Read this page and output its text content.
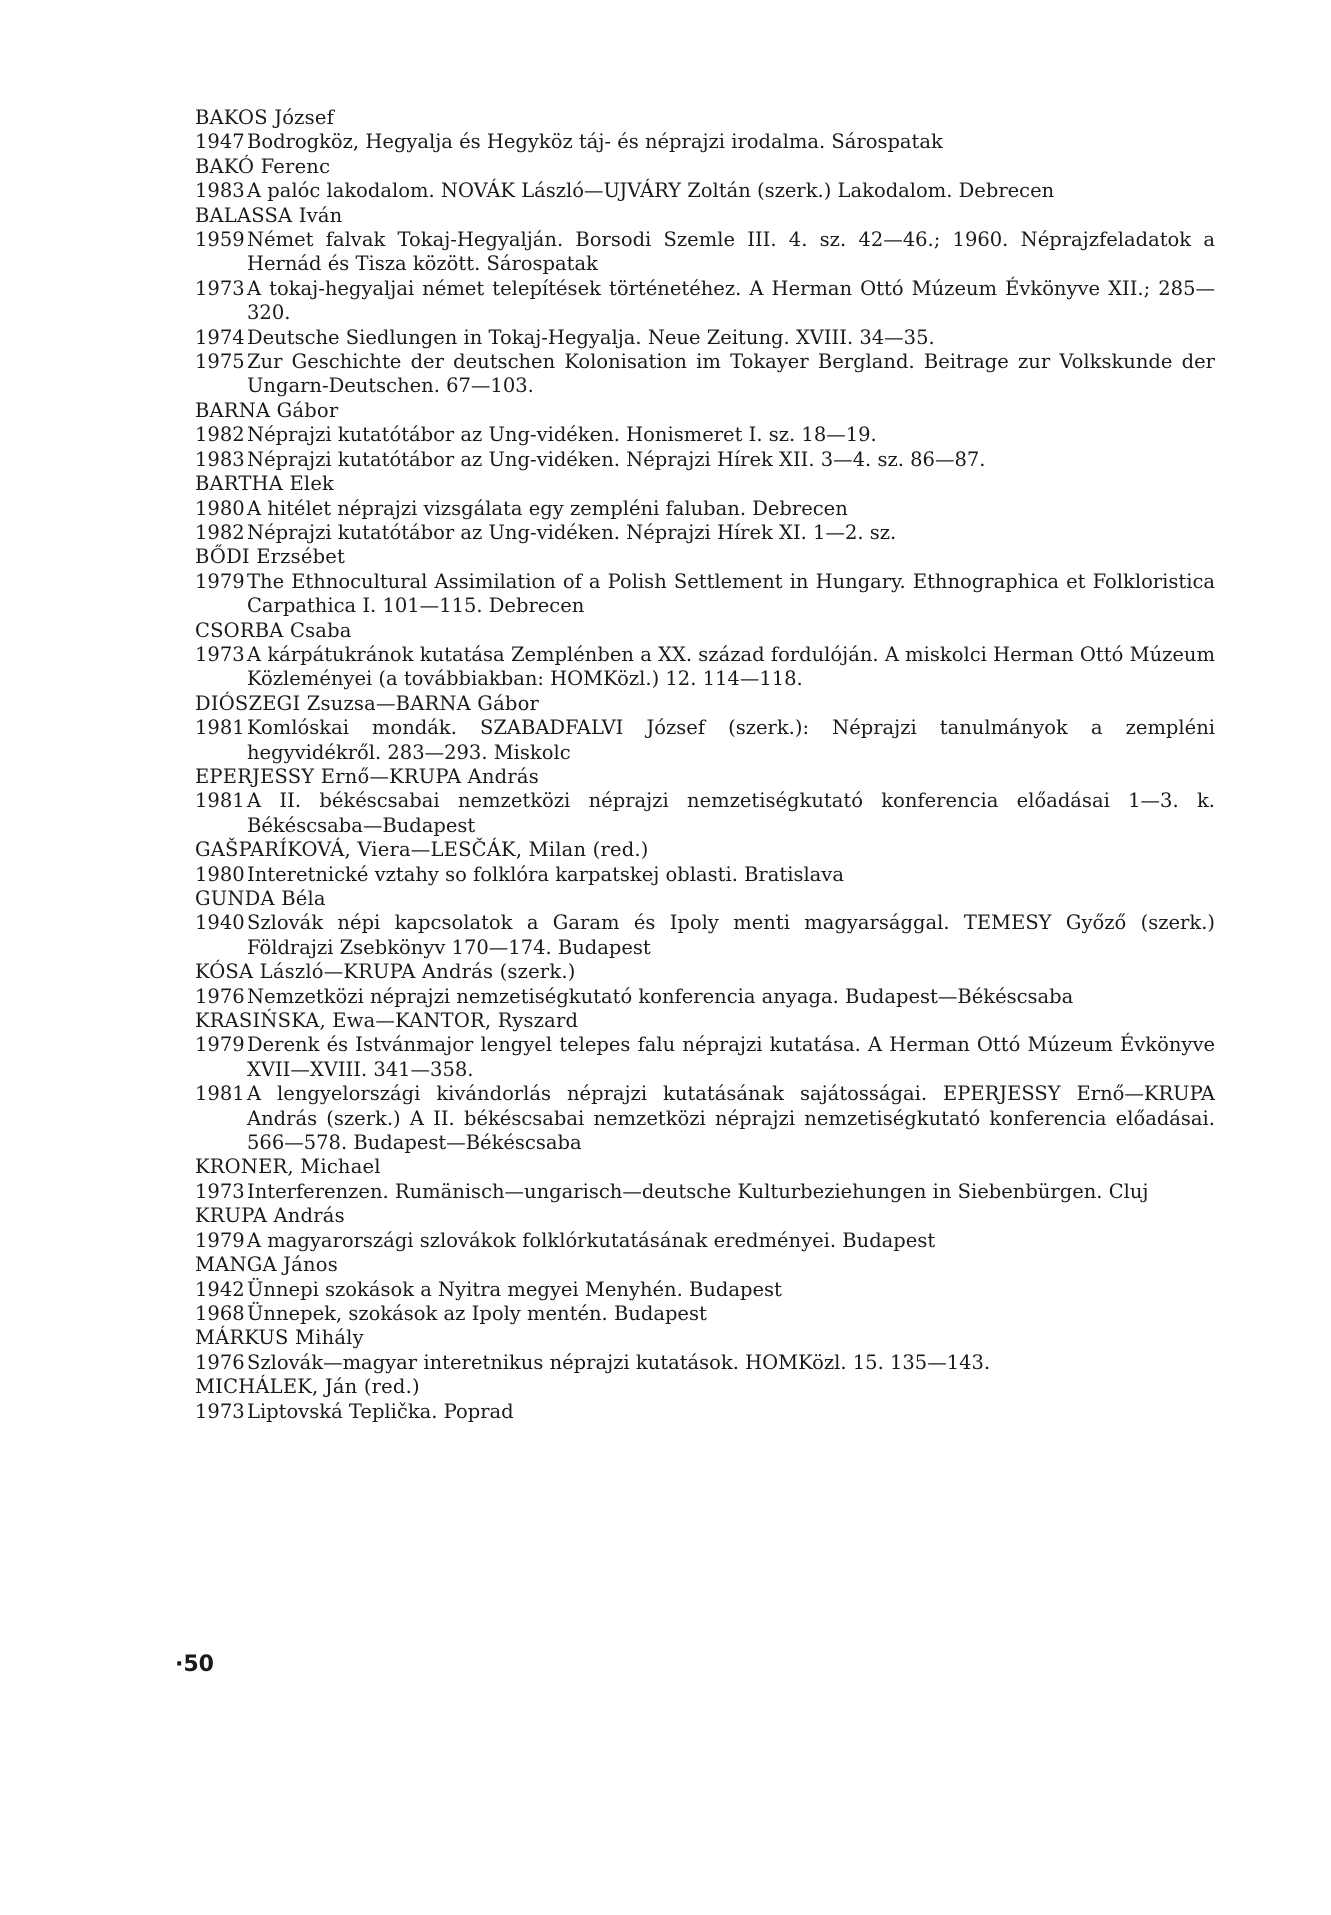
BAKOS József
1947 Bodrogköz, Hegyalja és Hegyköz táj- és néprajzi irodalma. Sárospatak
BAKÓ Ferenc
1983 A palóc lakodalom. NOVÁK László—UJVÁRY Zoltán (szerk.) Lakodalom. Debrecen
BALASSA Iván
1959 Német falvak Tokaj-Hegyalján. Borsodi Szemle III. 4. sz. 42—46.; 1960. Néprajzfeladatok a Hernád és Tisza között. Sárospatak
1973 A tokaj-hegyaljai német telepítések történetéhez. A Herman Ottó Múzeum Évkönyve XII.; 285—320.
1974 Deutsche Siedlungen in Tokaj-Hegyalja. Neue Zeitung. XVIII. 34—35.
1975 Zur Geschichte der deutschen Kolonisation im Tokayer Bergland. Beitrage zur Volkskunde der Ungarn-Deutschen. 67—103.
BARNA Gábor
1982 Néprajzi kutatótábor az Ung-vidéken. Honismeret I. sz. 18—19.
1983 Néprajzi kutatótábor az Ung-vidéken. Néprajzi Hírek XII. 3—4. sz. 86—87.
BARTHA Elek
1980 A hitélet néprajzi vizsgálata egy zempléni faluban. Debrecen
1982 Néprajzi kutatótábor az Ung-vidéken. Néprajzi Hírek XI. 1—2. sz.
BŐDI Erzsébet
1979 The Ethnocultural Assimilation of a Polish Settlement in Hungary. Ethnographica et Folkloristica Carpathica I. 101—115. Debrecen
CSORBA Csaba
1973 A kárpátukránok kutatása Zemplénben a XX. század fordulóján. A miskolci Herman Ottó Múzeum Közleményei (a továbbiakban: HOMKözl.) 12. 114—118.
DIÓSZEGI Zsuzsa—BARNA Gábor
1981 Komlóskai mondák. SZABADFALVI József (szerk.): Néprajzi tanulmányok a zempléni hegyvidékről. 283—293. Miskolc
EPERJESSY Ernő—KRUPA András
1981 A II. békéscsabai nemzetközi néprajzi nemzetiségkutató konferencia előadásai 1—3. k. Békéscsaba—Budapest
GAŠPARÍKOVÁ, Viera—LESČÁK, Milan (red.)
1980 Interetnické vztahy so folklóra karpatskej oblasti. Bratislava
GUNDA Béla
1940 Szlovák népi kapcsolatok a Garam és Ipoly menti magyarsággal. TEMESY Győző (szerk.) Földrajzi Zsebkönyv 170—174. Budapest
KÓSA László—KRUPA András (szerk.)
1976 Nemzetközi néprajzi nemzetiségkutató konferencia anyaga. Budapest—Békéscsaba
KRASIŃSKA, Ewa—KANTOR, Ryszard
1979 Derenk és Istvánmajor lengyel telepes falu néprajzi kutatása. A Herman Ottó Múzeum Évkönyve XVII—XVIII. 341—358.
1981 A lengyelországi kivándorlás néprajzi kutatásának sajátosságai. EPERJESSY Ernő—KRUPA András (szerk.) A II. békéscsabai nemzetközi néprajzi nemzetiségkutató konferencia előadásai. 566—578. Budapest—Békéscsaba
KRONER, Michael
1973 Interferenzen. Rumänisch—ungarisch—deutsche Kulturbeziehungen in Siebenbürgen. Cluj
KRUPA András
1979 A magyarországi szlovákok folklórkutatásának eredményei. Budapest
MANGA János
1942 Ünnepi szokások a Nyitra megyei Menyhén. Budapest
1968 Ünnepek, szokások az Ipoly mentén. Budapest
MÁRKUS Mihály
1976 Szlovák—magyar interetnikus néprajzi kutatások. HOMKözl. 15. 135—143.
MICHÁLEK, Ján (red.)
1973 Liptovská Teplička. Poprad
·50
